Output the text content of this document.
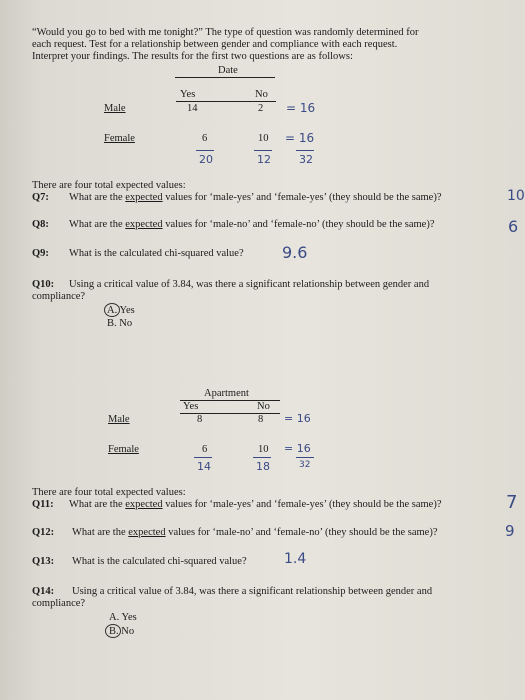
“Would you go to bed with me tonight?” The type of question was randomly determined for
each request. Test for a relationship between gender and compliance with each request.
Interpret your findings. The results for the first two questions are as follows:
Date
Yes	No
Male	14	2 = 16
Female	6	10 = 16
20	12	32
There are four total expected values:
Q7: What are the expected values for ‘male-yes’ and ‘female-yes’ (they should be the same)?	10
Q8: What are the expected values for ‘male-no’ and ‘female-no’ (they should be the same)?	6
Q9: What is the calculated chi-squared value? 9.6
Q10: Using a critical value of 3.84, was there a significant relationship between gender and
compliance?
A. Yes
B. No
Apartment
Yes	No
Male	8	8 = 16
Female	6	10 = 16
14	18	32
There are four total expected values:
Q11: What are the expected values for ‘male-yes’ and ‘female-yes’ (they should be the same)?	7
Q12: What are the expected values for ‘male-no’ and ‘female-no’ (they should be the same)?	9
Q13: What is the calculated chi-squared value?	1.4
Q14: Using a critical value of 3.84, was there a significant relationship between gender and
compliance?
A. Yes
B. No
